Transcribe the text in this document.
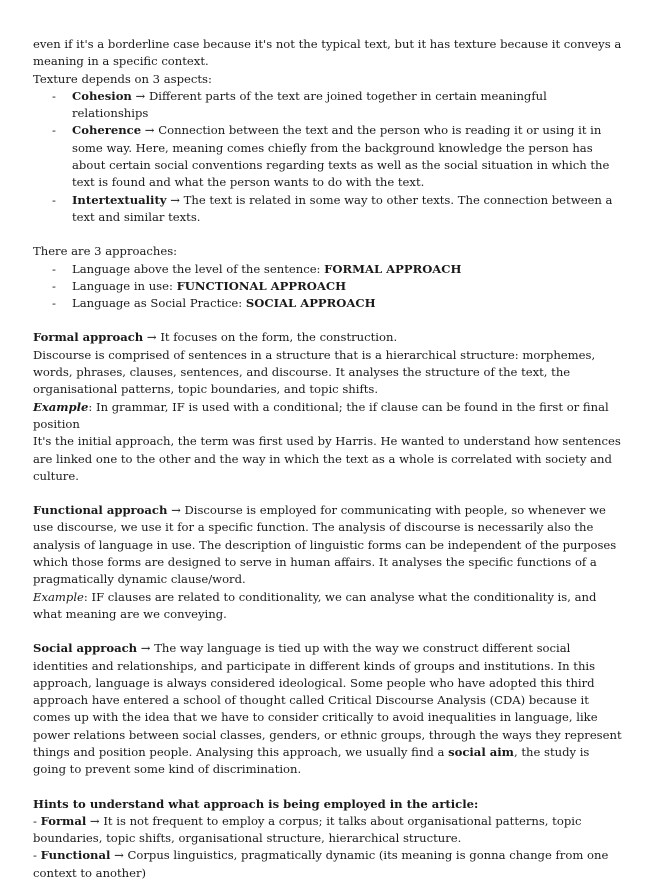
even if it's a borderline case because it's not the typical text, but it has texture because it conveys a meaning in a specific context.

Texture depends on 3 aspects:

- Cohesion → Different parts of the text are joined together in certain meaningful relationships
- Coherence → Connection between the text and the person who is reading it or using it in some way. Here, meaning comes chiefly from the background knowledge the person has about certain social conventions regarding texts as well as the social situation in which the text is found and what the person wants to do with the text.
- Intertextuality → The text is related in some way to other texts. The connection between a text and similar texts.

There are 3 approaches:

- Language above the level of the sentence: FORMAL APPROACH
- Language in use: FUNCTIONAL APPROACH
- Language as Social Practice: SOCIAL APPROACH

Formal approach → It focuses on the form, the construction.

Discourse is comprised of sentences in a structure that is a hierarchical structure: morphemes, words, phrases, clauses, sentences, and discourse. It analyses the structure of the text, the organisational patterns, topic boundaries, and topic shifts.

Example: In grammar, IF is used with a conditional; the if clause can be found in the first or final position

It's the initial approach, the term was first used by Harris. He wanted to understand how sentences are linked one to the other and the way in which the text as a whole is correlated with society and culture.

Functional approach → Discourse is employed for communicating with people, so whenever we use discourse, we use it for a specific function. The analysis of discourse is necessarily also the analysis of language in use. The description of linguistic forms can be independent of the purposes which those forms are designed to serve in human affairs. It analyses the specific functions of a pragmatically dynamic clause/word.

Example: IF clauses are related to conditionality, we can analyse what the conditionality is, and what meaning are we conveying.

Social approach → The way language is tied up with the way we construct different social identities and relationships, and participate in different kinds of groups and institutions. In this approach, language is always considered ideological. Some people who have adopted this third approach have entered a school of thought called Critical Discourse Analysis (CDA) because it comes up with the idea that we have to consider critically to avoid inequalities in language, like power relations between social classes, genders, or ethnic groups, through the ways they represent things and position people. Analysing this approach, we usually find a social aim, the study is going to prevent some kind of discrimination.

Hints to understand what approach is being employed in the article:

- Formal → It is not frequent to employ a corpus; it talks about organisational patterns, topic boundaries, topic shifts, organisational structure, hierarchical structure.

- Functional → Corpus linguistics, pragmatically dynamic (its meaning is gonna change from one context to another)
